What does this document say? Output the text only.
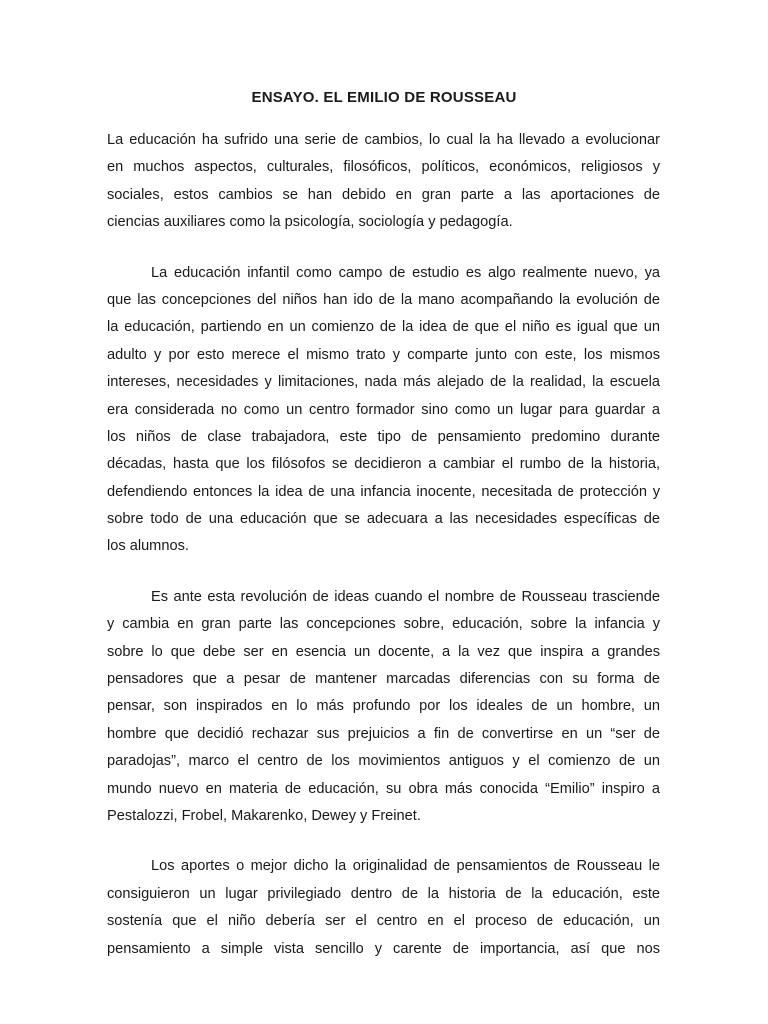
ENSAYO. EL EMILIO DE ROUSSEAU

La educación ha sufrido una serie de cambios, lo cual la ha llevado a evolucionar
en muchos aspectos, culturales, filosóficos, políticos, económicos, religiosos y
sociales, estos cambios se han debido en gran parte a las aportaciones de
ciencias auxiliares como la psicología, sociología y pedagogía.

La educación infantil como campo de estudio es algo realmente nuevo, ya
que las concepciones del niños han ido de la mano acompañando la evolución de
la educación, partiendo en un comienzo de la idea de que el niño es igual que un
adulto y por esto merece el mismo trato y comparte junto con este, los mismos
intereses, necesidades y limitaciones, nada más alejado de la realidad, la escuela
era considerada no como un centro formador sino como un lugar para guardar a
los niños de clase trabajadora, este tipo de pensamiento predomino durante
décadas, hasta que los filósofos se decidieron a cambiar el rumbo de la historia,
defendiendo entonces la idea de una infancia inocente, necesitada de protección y
sobre todo de una educación que se adecuara a las necesidades específicas de
los alumnos.

Es ante esta revolución de ideas cuando el nombre de Rousseau trasciende
y cambia en gran parte las concepciones sobre, educación, sobre la infancia y
sobre lo que debe ser en esencia un docente, a la vez que inspira a grandes
pensadores que a pesar de mantener marcadas diferencias con su forma de
pensar, son inspirados en lo más profundo por los ideales de un hombre, un
hombre que decidió rechazar sus prejuicios a fin de convertirse en un “ser de
paradojas”, marco el centro de los movimientos antiguos y el comienzo de un
mundo nuevo en materia de educación, su obra más conocida “Emilio” inspiro a
Pestalozzi, Frobel, Makarenko, Dewey y Freinet.

Los aportes o mejor dicho la originalidad de pensamientos de Rousseau le
consiguieron un lugar privilegiado dentro de la historia de la educación, este
sostenía que el niño debería ser el centro en el proceso de educación, un
pensamiento a simple vista sencillo y carente de importancia, así que nos
